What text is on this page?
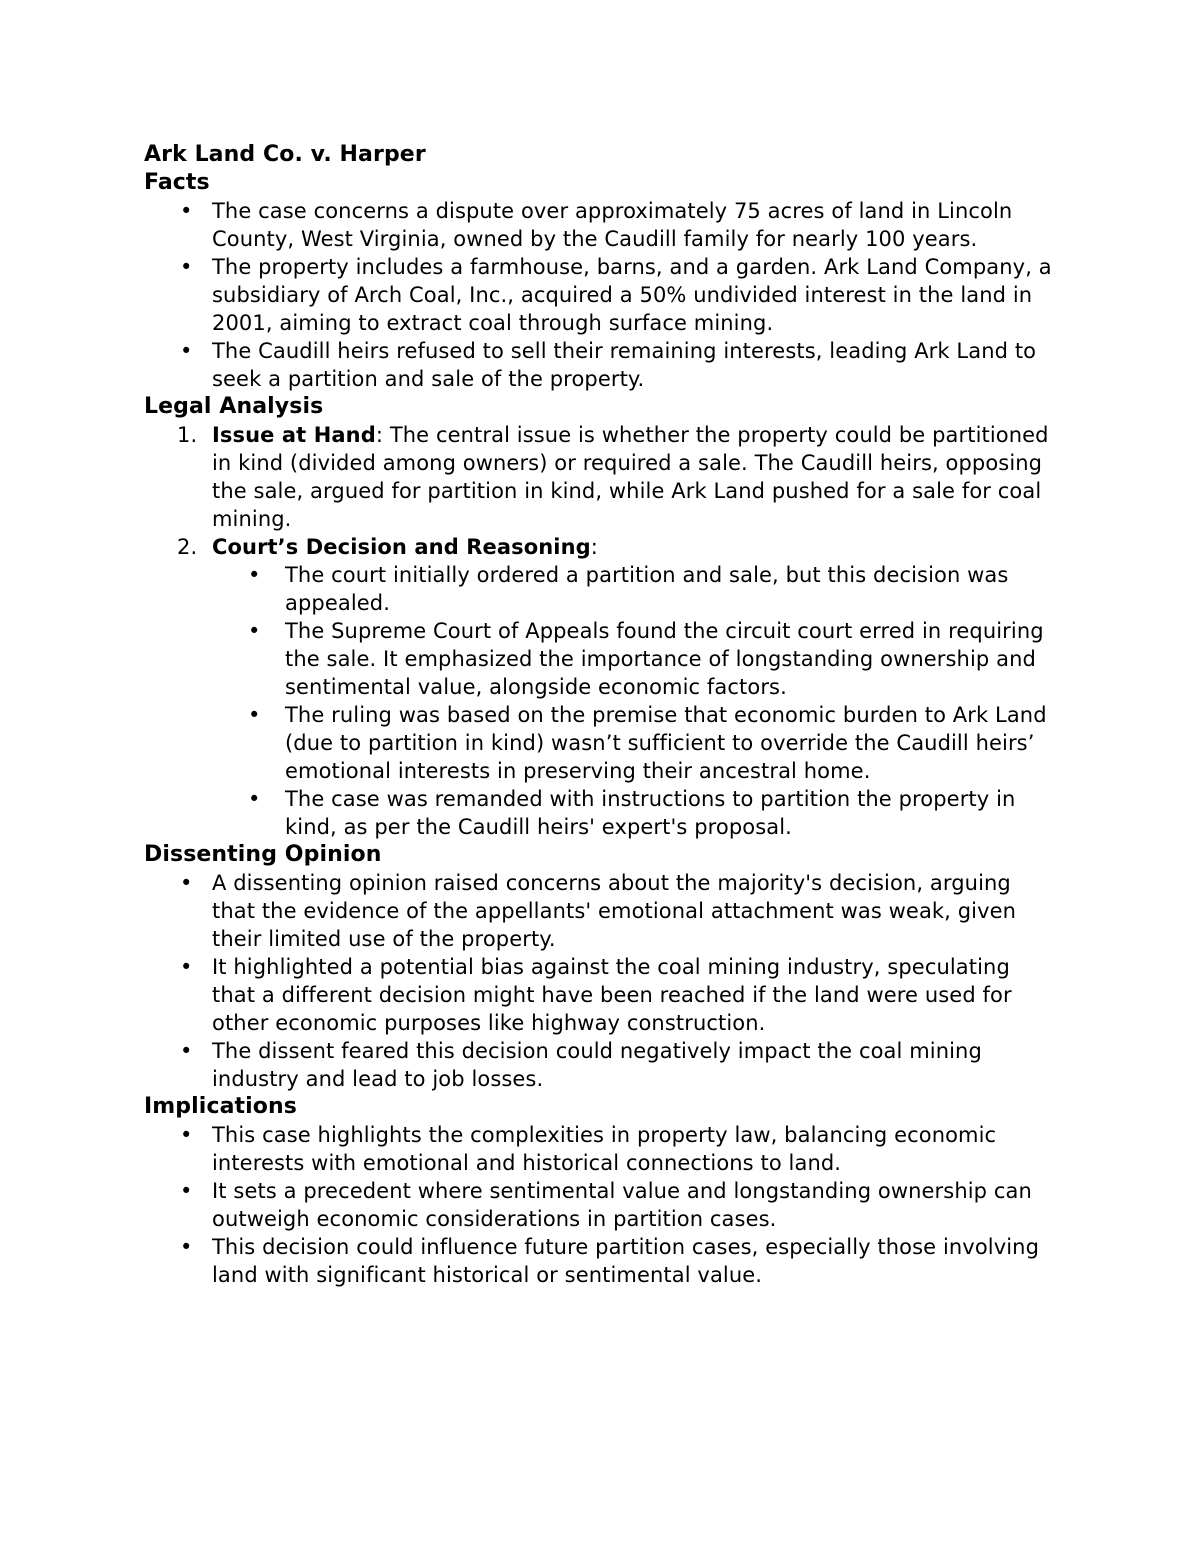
Ark Land Co. v. Harper
Facts
• The case concerns a dispute over approximately 75 acres of land in Lincoln County, West Virginia, owned by the Caudill family for nearly 100 years.
• The property includes a farmhouse, barns, and a garden. Ark Land Company, a subsidiary of Arch Coal, Inc., acquired a 50% undivided interest in the land in 2001, aiming to extract coal through surface mining.
• The Caudill heirs refused to sell their remaining interests, leading Ark Land to seek a partition and sale of the property.
Legal Analysis
1. Issue at Hand: The central issue is whether the property could be partitioned in kind (divided among owners) or required a sale. The Caudill heirs, opposing the sale, argued for partition in kind, while Ark Land pushed for a sale for coal mining.
2. Court’s Decision and Reasoning:
•	The court initially ordered a partition and sale, but this decision was appealed.
•	The Supreme Court of Appeals found the circuit court erred in requiring the sale. It emphasized the importance of longstanding ownership and sentimental value, alongside economic factors.
•	The ruling was based on the premise that economic burden to Ark Land (due to partition in kind) wasn’t sufficient to override the Caudill heirs’ emotional interests in preserving their ancestral home.
•	The case was remanded with instructions to partition the property in kind, as per the Caudill heirs' expert's proposal.
Dissenting Opinion
• A dissenting opinion raised concerns about the majority's decision, arguing that the evidence of the appellants' emotional attachment was weak, given their limited use of the property.
• It highlighted a potential bias against the coal mining industry, speculating that a different decision might have been reached if the land were used for other economic purposes like highway construction.
• The dissent feared this decision could negatively impact the coal mining industry and lead to job losses.
Implications
• This case highlights the complexities in property law, balancing economic interests with emotional and historical connections to land.
• It sets a precedent where sentimental value and longstanding ownership can outweigh economic considerations in partition cases.
• This decision could influence future partition cases, especially those involving land with significant historical or sentimental value.
